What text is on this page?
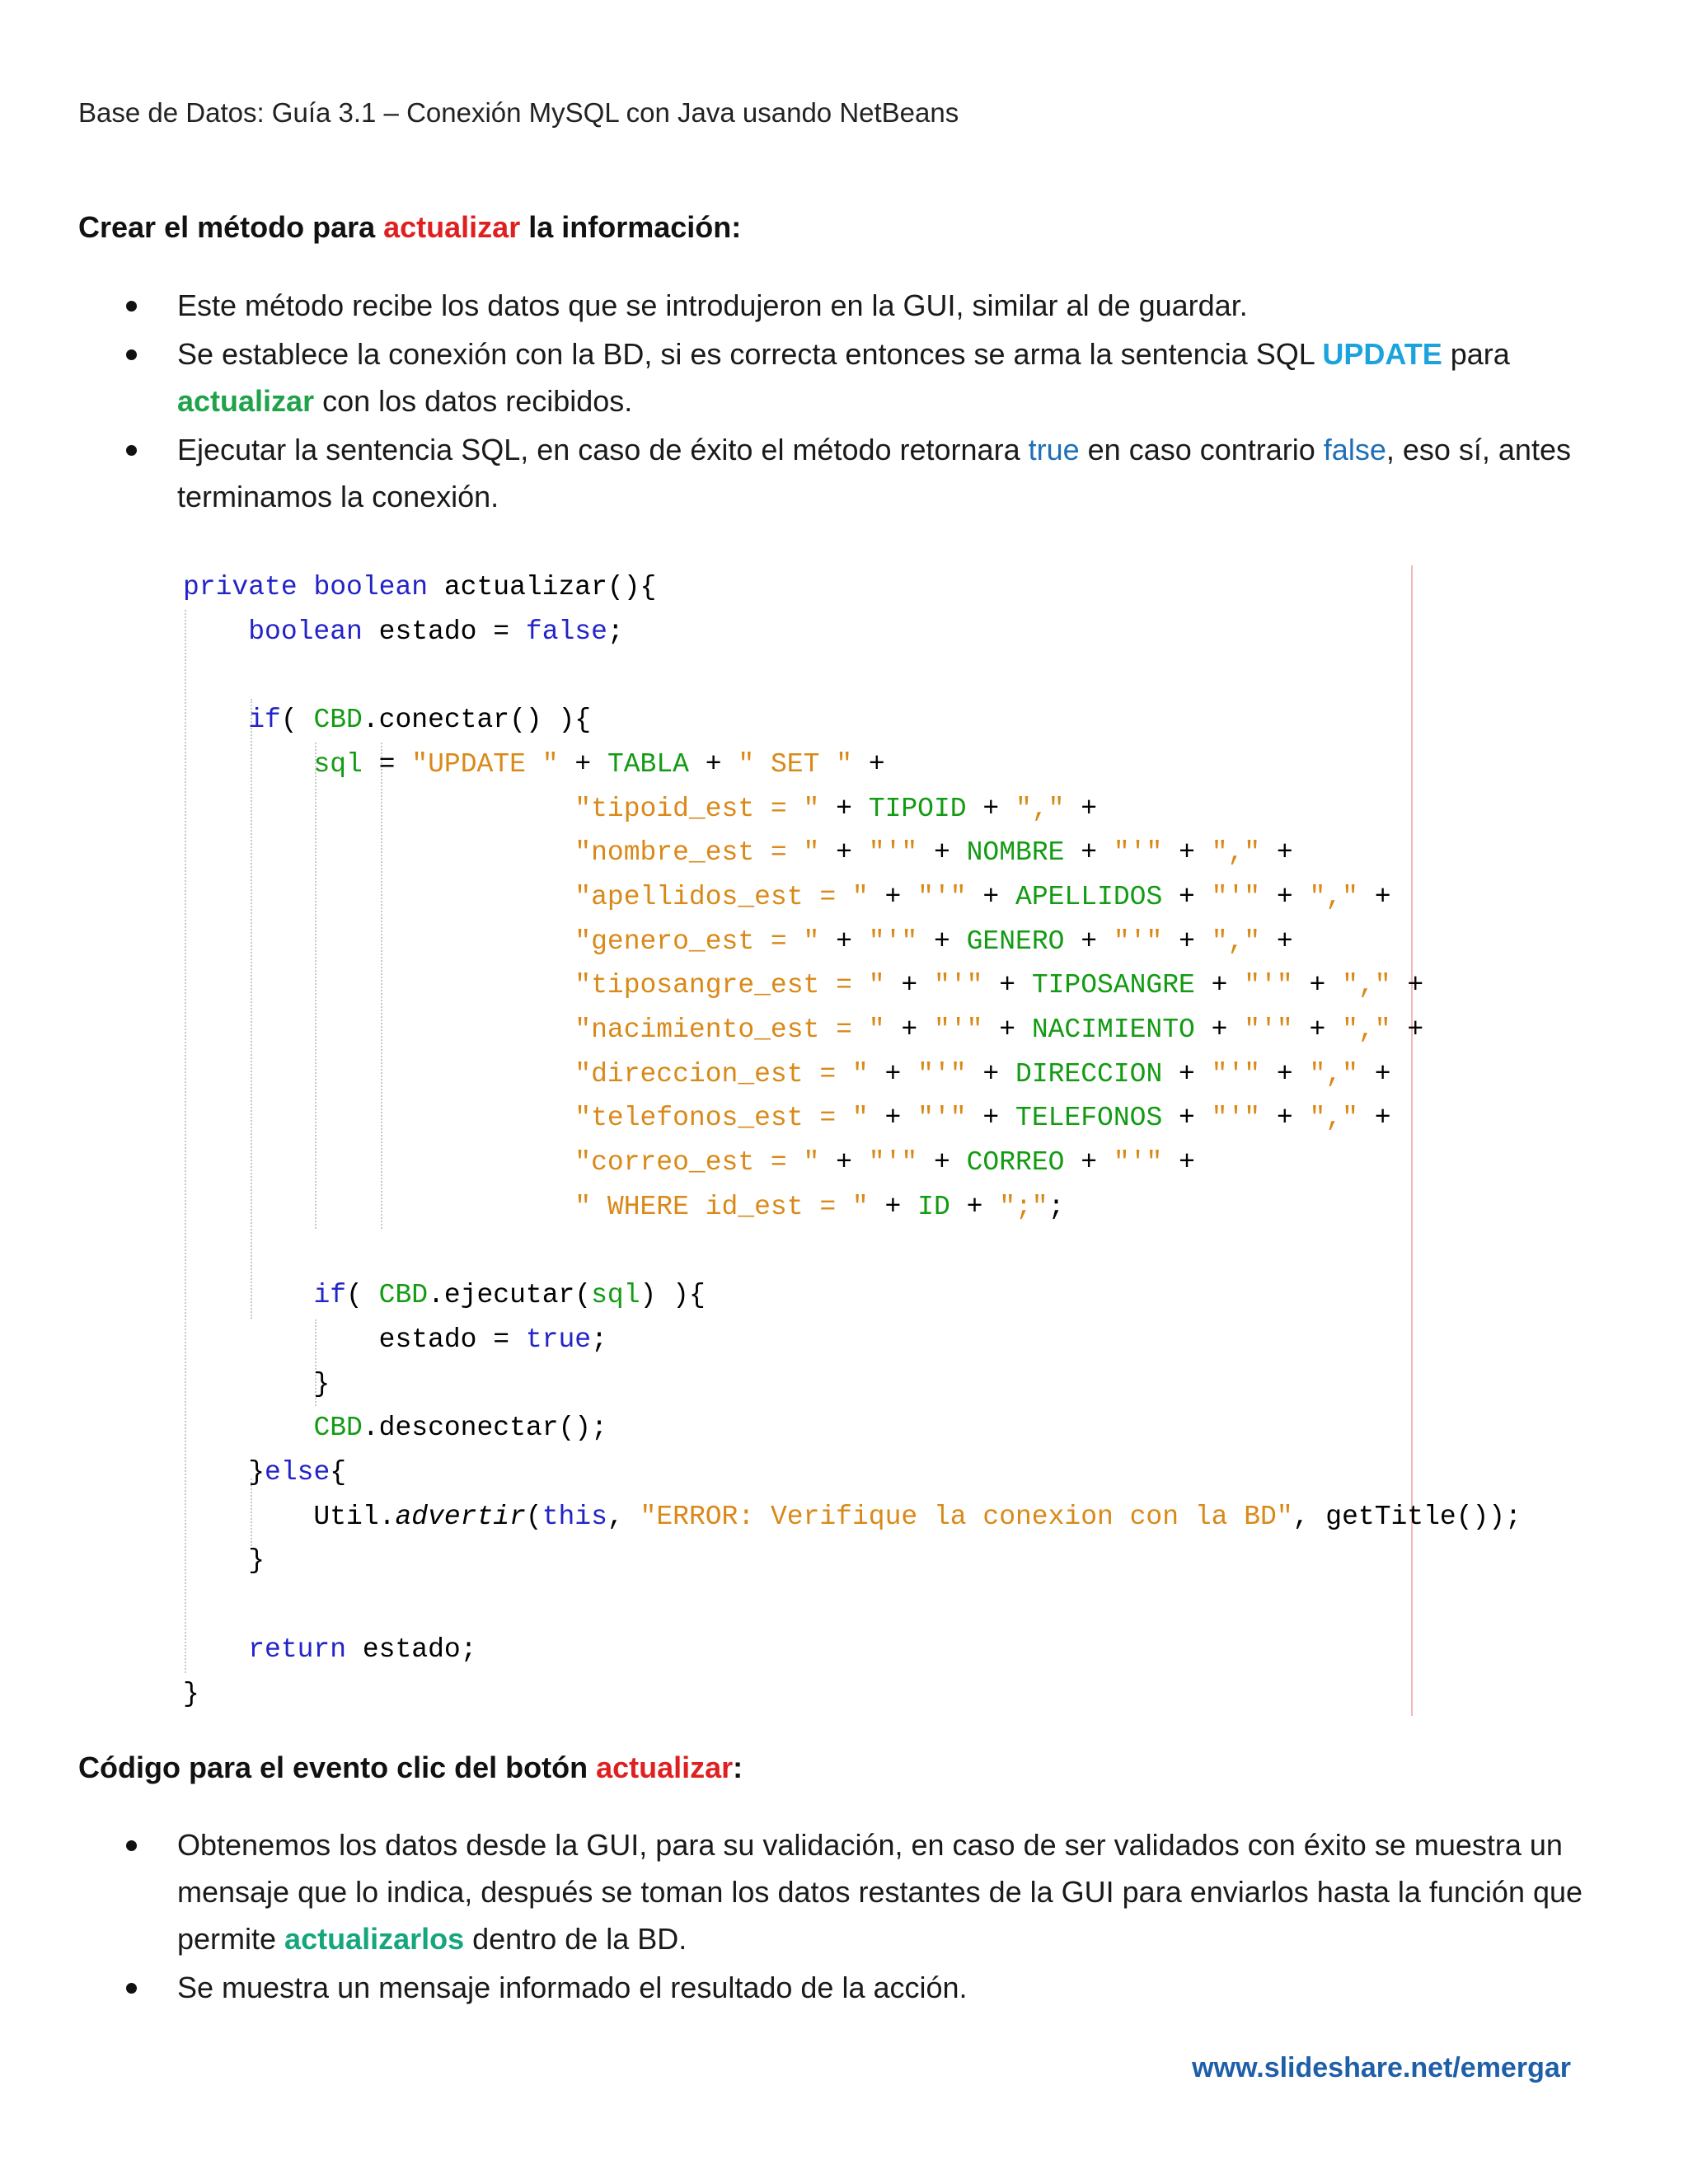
Base de Datos: Guía 3.1 – Conexión MySQL con Java usando NetBeans
Crear el método para actualizar la información:
Este método recibe los datos que se introdujeron en la GUI, similar al de guardar.
Se establece la conexión con la BD, si es correcta entonces se arma la sentencia SQL UPDATE para actualizar con los datos recibidos.
Ejecutar la sentencia SQL, en caso de éxito el método retornara true en caso contrario false, eso sí, antes terminamos la conexión.
private boolean actualizar(){
boolean estado = false;

if( CBD.conectar() ){
sql = "UPDATE " + TABLA + " SET " +
"tipoid_est = " + TIPOID + "," +
"nombre_est = " + "'" + NOMBRE + "'" + "," +
"apellidos_est = " + "'" + APELLIDOS + "'" + "," +
"genero_est = " + "'" + GENERO + "'" + "," +
"tiposangre_est = " + "'" + TIPOSANGRE + "'" + "," +
"nacimiento_est = " + "'" + NACIMIENTO + "'" + "," +
"direccion_est = " + "'" + DIRECCION + "'" + "," +
"telefonos_est = " + "'" + TELEFONOS + "'" + "," +
"correo_est = " + "'" + CORREO + "'" +
" WHERE id_est = " + ID + ";";

if( CBD.ejecutar(sql) ){
estado = true;
}
CBD.desconectar();
}else{
Util.advertir(this, "ERROR: Verifique la conexion con la BD", getTitle());
}

return estado;
}
Código para el evento clic del botón actualizar:
Obtenemos los datos desde la GUI, para su validación, en caso de ser validados con éxito se muestra un mensaje que lo indica, después se toman los datos restantes de la GUI para enviarlos hasta la función que permite actualizarlos dentro de la BD.
Se muestra un mensaje informado el resultado de la acción.
www.slideshare.net/emergar
